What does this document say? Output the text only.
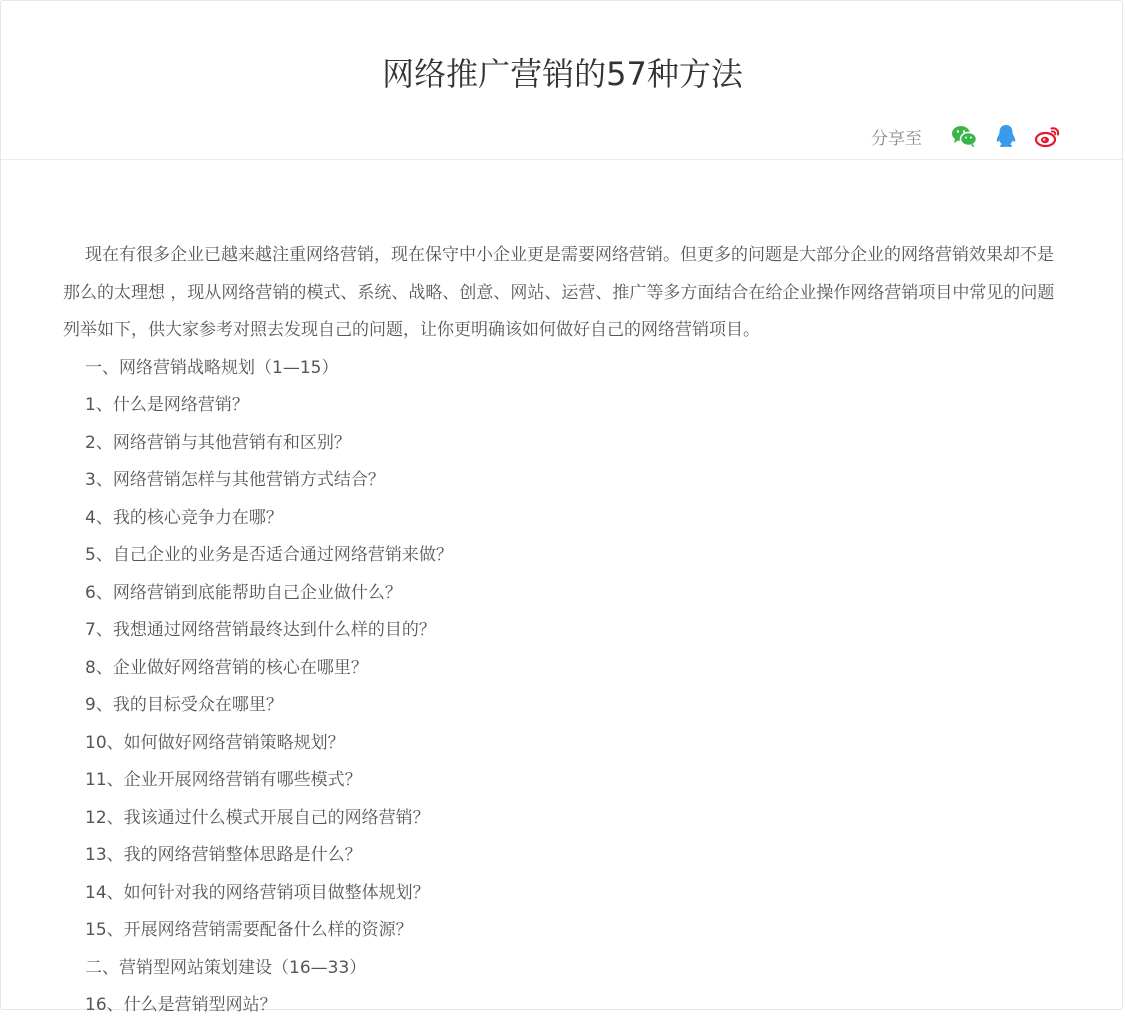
网络推广营销的57种方法
分享至

现在有很多企业已越来越注重网络营销，现在保守中小企业更是需要网络营销。但更多的问题是大部分企业的网络营销效果却不是那么的太理想 ，现从网络营销的模式、系统、战略、创意、网站、运营、推广等多方面结合在给企业操作网络营销项目中常见的问题列举如下，供大家参考对照去发现自己的问题，让你更明确该如何做好自己的网络营销项目。

一、网络营销战略规划（1—15）

1、什么是网络营销？

2、网络营销与其他营销有和区别？

3、网络营销怎样与其他营销方式结合？

4、我的核心竞争力在哪？

5、自己企业的业务是否适合通过网络营销来做？

6、网络营销到底能帮助自己企业做什么？

7、我想通过网络营销最终达到什么样的目的？

8、企业做好网络营销的核心在哪里？

9、我的目标受众在哪里？

10、如何做好网络营销策略规划？

11、企业开展网络营销有哪些模式？

12、我该通过什么模式开展自己的网络营销？

13、我的网络营销整体思路是什么？

14、如何针对我的网络营销项目做整体规划？

15、开展网络营销需要配备什么样的资源？

二、营销型网站策划建设（16—33）

16、什么是营销型网站？
